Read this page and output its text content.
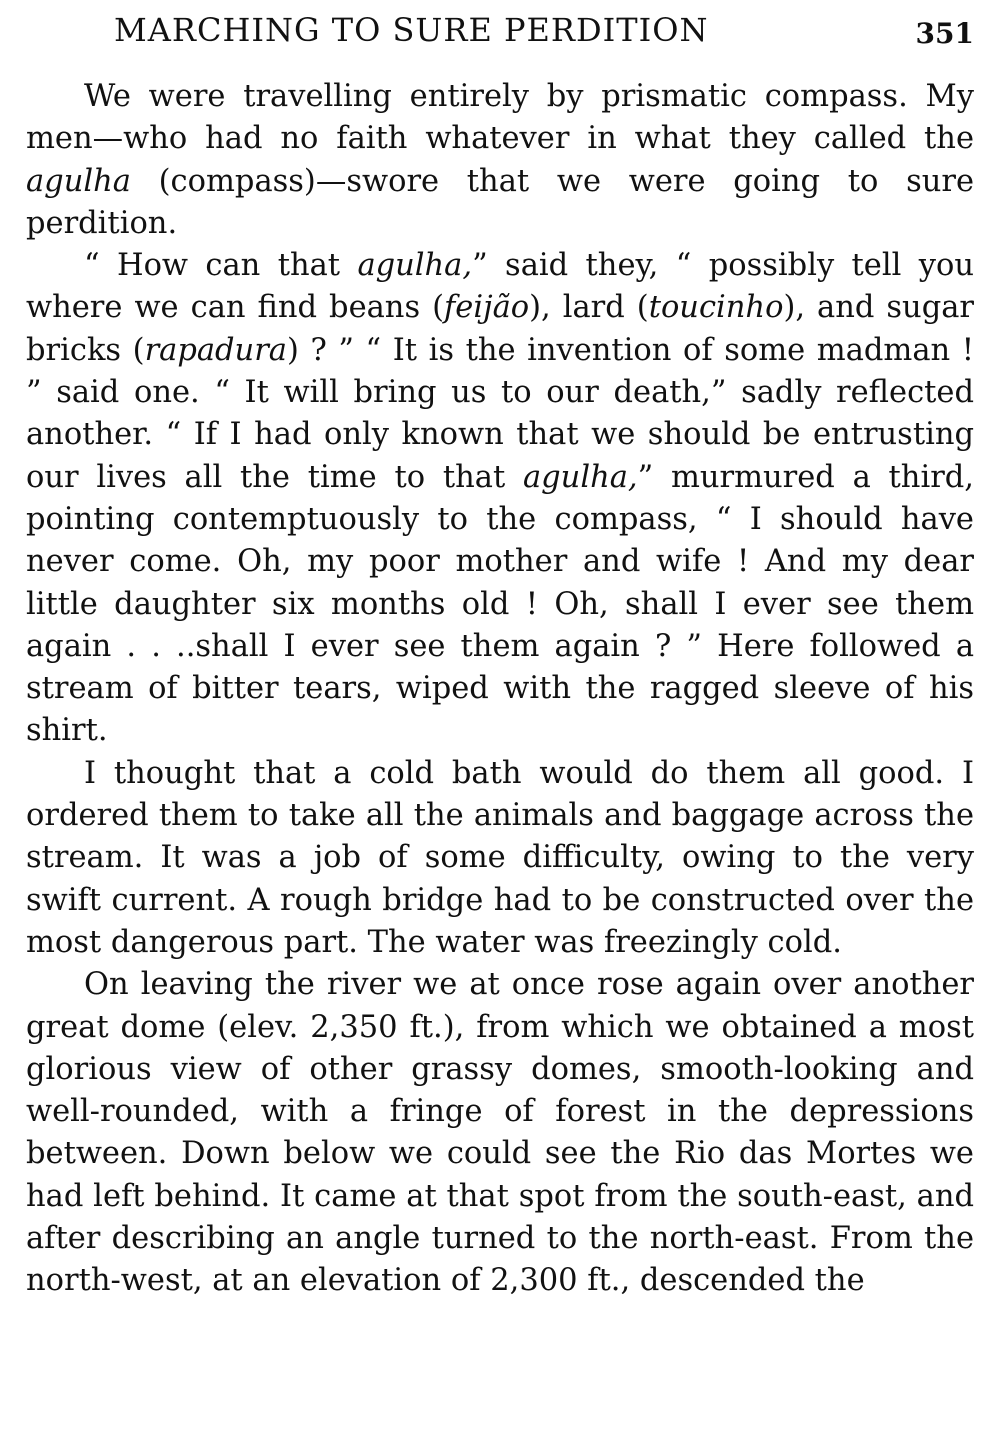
MARCHING TO SURE PERDITION	351

We were travelling entirely by prismatic compass. My men—who had no faith whatever in what they called the agulha (compass)—swore that we were going to sure perdition.

“ How can that agulha,” said they, “ possibly tell you where we can find beans (feijão), lard (toucinho), and sugar bricks (rapadura) ? ” “ It is the invention of some madman ! ” said one. “ It will bring us to our death,” sadly reflected another. “ If I had only known that we should be entrusting our lives all the time to that agulha,” murmured a third, pointing contemptuously to the compass, “ I should have never come. Oh, my poor mother and wife ! And my dear little daughter six months old ! Oh, shall I ever see them again . . ..shall I ever see them again ? ” Here followed a stream of bitter tears, wiped with the ragged sleeve of his shirt.

I thought that a cold bath would do them all good. I ordered them to take all the animals and baggage across the stream. It was a job of some difficulty, owing to the very swift current. A rough bridge had to be constructed over the most dangerous part. The water was freezingly cold.

On leaving the river we at once rose again over another great dome (elev. 2,350 ft.), from which we obtained a most glorious view of other grassy domes, smooth-looking and well-rounded, with a fringe of forest in the depressions between. Down below we could see the Rio das Mortes we had left behind. It came at that spot from the south-east, and after describing an angle turned to the north-east. From the north-west, at an elevation of 2,300 ft., descended the
